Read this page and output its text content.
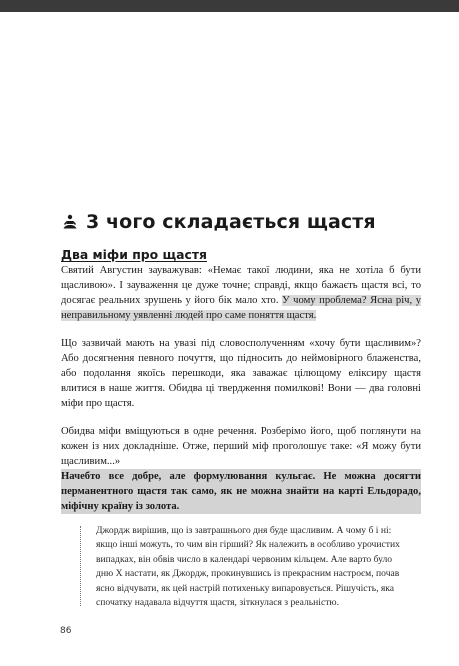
3 чого складається щастя

Два міфи про щастя

Святий Августин зауважував: «Немає такої людини, яка не хотіла б бути щасливою». І зауваження це дуже точне; справді, якщо бажаєть щастя всі, то досягає реальних зрушень у його бік мало хто. У чому проблема? Ясна річ, у неправильному уявленні людей про саме поняття щастя.

Що зазвичай мають на увазі під словосполученням «хочу бути щасливим»? Або досягнення певного почуття, що підносить до неймовірного блаженства, або подолання якоїсь перешкоди, яка заважає цілющому еліксиру щастя влитися в наше життя. Обидва ці твердження помилкові! Вони — два головні міфи про щастя.

Обидва міфи вміщуються в одне речення. Розберімо його, щоб поглянути на кожен із них докладніше. Отже, перший міф проголошує таке: «Я можу бути щасливим...»

Начебто все добре, але формулювання кульгає. Не можна досягти перманентного щастя так само, як не можна знайти на карті Ельдорадо, міфічну країну із золота.

Джордж вирішив, що із завтрашнього дня буде щасливим. А чому б і ні: якщо інші можуть, то чим він гірший? Як належить в особливо урочистих випадках, він обвів число в календарі червоним кільцем. Але варто було дню Х настати, як Джордж, прокинувшись із прекрасним настроєм, почав ясно відчувати, як цей настрій потихеньку випаровується. Рішучість, яка спочатку надавала відчуття щастя, зіткнулася з реальністю.

86
